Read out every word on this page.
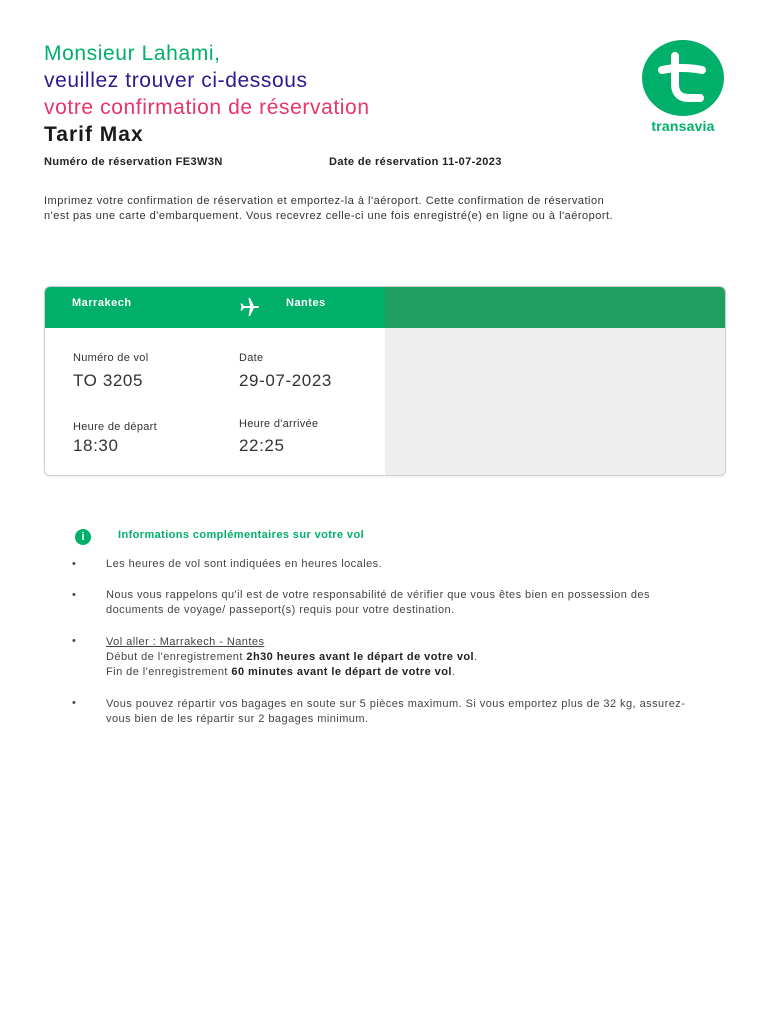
Monsieur Lahami,
veuillez trouver ci-dessous
votre confirmation de réservation
Tarif Max	transavia
Numéro de réservation FE3W3N	Date de réservation 11-07-2023
Imprimez votre confirmation de réservation et emportez-la à l'aéroport. Cette confirmation de réservation n'est pas une carte d'embarquement. Vous recevrez celle-ci une fois enregistré(e) en ligne ou à l'aéroport.
Marrakech	Nantes
Numéro de vol
TO 3205
Date
29-07-2023
Heure de départ
18:30
Heure d'arrivée
22:25
i	Informations complémentaires sur votre vol
•	Les heures de vol sont indiquées en heures locales.
•	Nous vous rappelons qu'il est de votre responsabilité de vérifier que vous êtes bien en possession des documents de voyage/ passeport(s) requis pour votre destination.
•	Vol aller : Marrakech - Nantes
Début de l'enregistrement 2h30 heures avant le départ de votre vol.
Fin de l'enregistrement 60 minutes avant le départ de votre vol.
•	Vous pouvez répartir vos bagages en soute sur 5 pièces maximum. Si vous emportez plus de 32 kg, assurez-vous bien de les répartir sur 2 bagages minimum.
